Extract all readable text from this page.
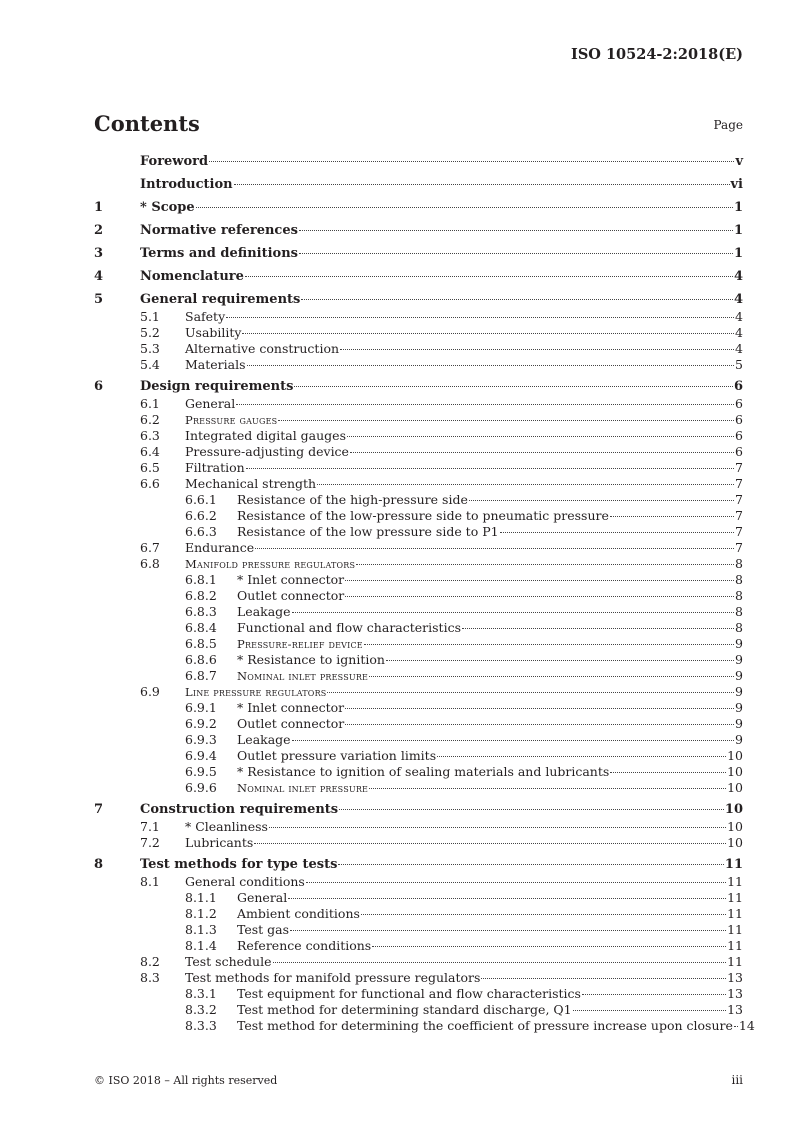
ISO 10524-2:2018(E)
Contents	Page
Foreword	v
Introduction	vi
1	* Scope	1
2	Normative references	1
3	Terms and definitions	1
4	Nomenclature	4
5	General requirements	4
5.1 Safety	4
5.2 Usability	4
5.3 Alternative construction	4
5.4 Materials	5
6	Design requirements	6
6.1 General	6
6.2 Pressure gauges	6
6.3 Integrated digital gauges	6
6.4 Pressure-adjusting device	6
6.5 Filtration	7
6.6 Mechanical strength	7
6.6.1 Resistance of the high-pressure side	7
6.6.2 Resistance of the low-pressure side to pneumatic pressure	7
6.6.3 Resistance of the low pressure side to P1	7
6.7 Endurance	7
6.8 Manifold pressure regulators	8
6.8.1 * Inlet connector	8
6.8.2 Outlet connector	8
6.8.3 Leakage	8
6.8.4 Functional and flow characteristics	8
6.8.5 Pressure-relief device	9
6.8.6 * Resistance to ignition	9
6.8.7 Nominal inlet pressure	9
6.9 Line pressure regulators	9
6.9.1 * Inlet connector	9
6.9.2 Outlet connector	9
6.9.3 Leakage	9
6.9.4 Outlet pressure variation limits	10
6.9.5 * Resistance to ignition of sealing materials and lubricants	10
6.9.6 Nominal inlet pressure	10
7	Construction requirements	10
7.1 * Cleanliness	10
7.2 Lubricants	10
8	Test methods for type tests	11
8.1 General conditions	11
8.1.1 General	11
8.1.2 Ambient conditions	11
8.1.3 Test gas	11
8.1.4 Reference conditions	11
8.2 Test schedule	11
8.3 Test methods for manifold pressure regulators	13
8.3.1 Test equipment for functional and flow characteristics	13
8.3.2 Test method for determining standard discharge, Q1	13
8.3.3 Test method for determining the coefficient of pressure increase upon closure 14
© ISO 2018 – All rights reserved	iii
